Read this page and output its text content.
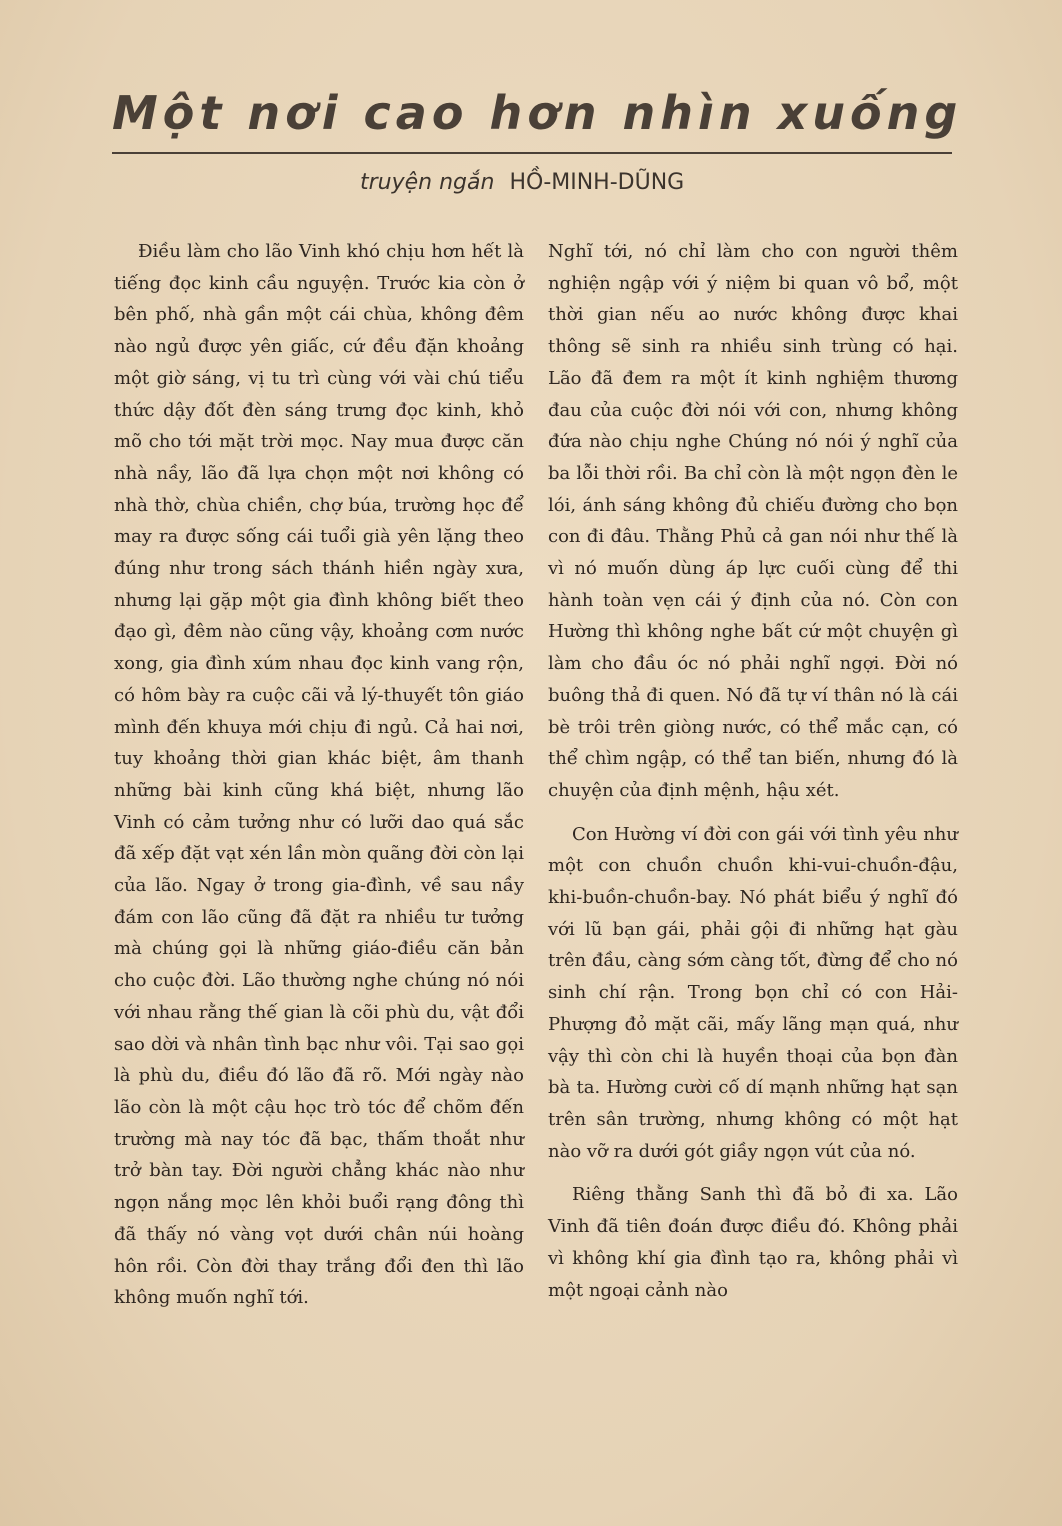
Một nơi cao hơn nhìn xuống
truyện ngắn HỒ-MINH-DŨNG

Điều làm cho lão Vinh khó chịu hơn hết là tiếng đọc kinh cầu nguyện. Trước kia còn ở bên phố, nhà gần một cái chùa, không đêm nào ngủ được yên giấc, cứ đều đặn khoảng một giờ sáng, vị tu trì cùng với vài chú tiểu thức dậy đốt đèn sáng trưng đọc kinh, khỏ mõ cho tới mặt trời mọc. Nay mua được căn nhà nầy, lão đã lựa chọn một nơi không có nhà thờ, chùa chiền, chợ búa, trường học để may ra được sống cái tuổi già yên lặng theo đúng như trong sách thánh hiền ngày xưa, nhưng lại gặp một gia đình không biết theo đạo gì, đêm nào cũng vậy, khoảng cơm nước xong, gia đình xúm nhau đọc kinh vang rộn, có hôm bày ra cuộc cãi vả lý-thuyết tôn giáo mình đến khuya mới chịu đi ngủ. Cả hai nơi, tuy khoảng thời gian khác biệt, âm thanh những bài kinh cũng khá biệt, nhưng lão Vinh có cảm tưởng như có lưỡi dao quá sắc đã xếp đặt vạt xén lần mòn quãng đời còn lại của lão. Ngay ở trong gia-đình, về sau nầy đám con lão cũng đã đặt ra nhiều tư tưởng mà chúng gọi là những giáo-điều căn bản cho cuộc đời. Lão thường nghe chúng nó nói với nhau rằng thế gian là cõi phù du, vật đổi sao dời và nhân tình bạc như vôi. Tại sao gọi là phù du, điều đó lão đã rõ. Mới ngày nào lão còn là một cậu học trò tóc để chõm đến trường mà nay tóc đã bạc, thấm thoắt như trở bàn tay. Đời người chẳng khác nào như ngọn nắng mọc lên khỏi buổi rạng đông thì đã thấy nó vàng vọt dưới chân núi hoàng hôn rồi. Còn đời thay trắng đổi đen thì lão không muốn nghĩ tới.

Nghĩ tới, nó chỉ làm cho con người thêm nghiện ngập với ý niệm bi quan vô bổ, một thời gian nếu ao nước không được khai thông sẽ sinh ra nhiều sinh trùng có hại. Lão đã đem ra một ít kinh nghiệm thương đau của cuộc đời nói với con, nhưng không đứa nào chịu nghe Chúng nó nói ý nghĩ của ba lỗi thời rồi. Ba chỉ còn là một ngọn đèn le lói, ánh sáng không đủ chiếu đường cho bọn con đi đâu. Thằng Phủ cả gan nói như thế là vì nó muốn dùng áp lực cuối cùng để thi hành toàn vẹn cái ý định của nó. Còn con Hường thì không nghe bất cứ một chuyện gì làm cho đầu óc nó phải nghĩ ngợi. Đời nó buông thả đi quen. Nó đã tự ví thân nó là cái bè trôi trên giòng nước, có thể mắc cạn, có thể chìm ngập, có thể tan biến, nhưng đó là chuyện của định mệnh, hậu xét.

Con Hường ví đời con gái với tình yêu như một con chuồn chuồn khi-vui-chuồn-đậu, khi-buồn-chuồn-bay. Nó phát biểu ý nghĩ đó với lũ bạn gái, phải gội đi những hạt gàu trên đầu, càng sớm càng tốt, đừng để cho nó sinh chí rận. Trong bọn chỉ có con Hải-Phượng đỏ mặt cãi, mấy lãng mạn quá, như vậy thì còn chi là huyền thoại của bọn đàn bà ta. Hường cười cố dí mạnh những hạt sạn trên sân trường, nhưng không có một hạt nào vỡ ra dưới gót giầy ngọn vút của nó.

Riêng thằng Sanh thì đã bỏ đi xa. Lão Vinh đã tiên đoán được điều đó. Không phải vì không khí gia đình tạo ra, không phải vì một ngoại cảnh nào
